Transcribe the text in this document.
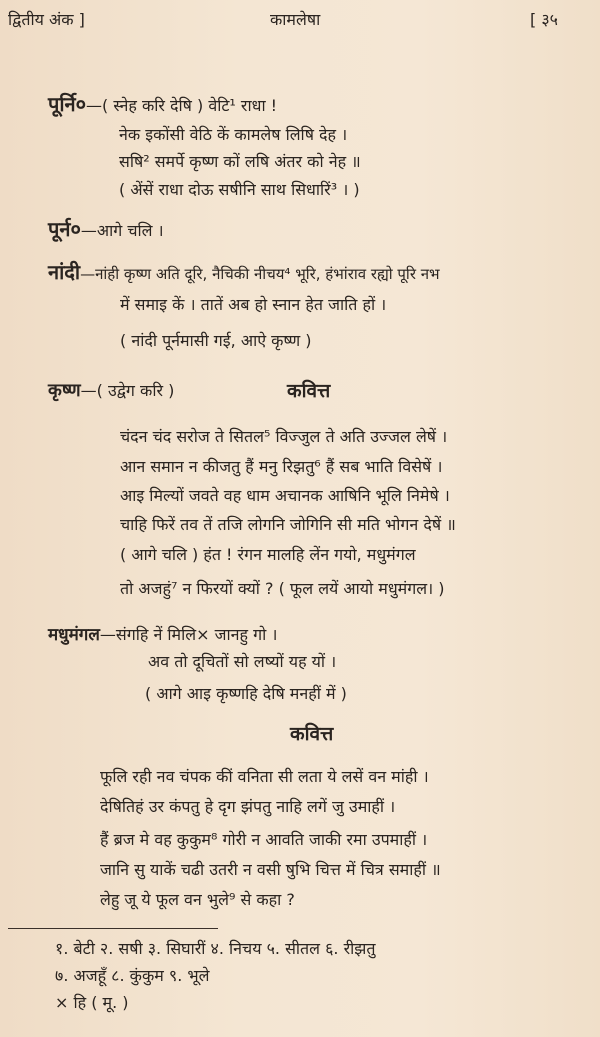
द्वितीय अंक ]	कामलेषा	[ ३५
पूर्नि०—( स्नेह करि देषि ) वेटि¹ राधा !
नेक इकोंसी वेठि कें कामलेष लिषि देह ।
सषि² समर्पे कृष्ण कों लषि अंतर को नेह ॥
( अेंसें राधा दोऊ सषीनि साथ सिधारिं³ । )
पूर्न०—आगे चलि ।
नांदी—नांही कृष्ण अति दूरि, नैचिकी नीचय⁴ भूरि, हंभांराव रह्यो पूरि नभ
में समाइ कें । तातें अब हो स्नान हेत जाति हों ।
( नांदी पूर्नमासी गई, आऐ कृष्ण )
कृष्ण—( उद्वेग करि )	कवित्त
चंदन चंद सरोज ते सितल⁵ विज्जुल ते अति उज्जल लेषें ।
आन समान न कीजतु हैं मनु रिझतु⁶ हैं सब भाति विसेषें ।
आइ मिल्यों जवते वह धाम अचानक आषिनि भूलि निमेषे ।
चाहि फिरें तव तें तजि लोगनि जोगिनि सी मति भोगन देषें ॥
( आगे चलि ) हंत ! रंगन मालहि लेंन गयो, मधुमंगल
तो अजहुं⁷ न फिरयों क्यों ? ( फूल लयें आयो मधुमंगल। )
मधुमंगल—संगहि नें मिलि× जानहु गो ।
अव तो दूचितों सो लष्यों यह यों ।
( आगे आइ कृष्णहि देषि मनहीं में )
कवित्त
फूलि रही नव चंपक कीं वनिता सी लता ये लसें वन मांही ।
देषितिहं उर कंपतु हे दृग झंपतु नाहि लगें जु उमाहीं ।
हैं ब्रज मे वह कुकुम⁸ गोरी न आवति जाकी रमा उपमाहीं ।
जानि सु याकें चढी उतरी न वसी षुभि चित्त में चित्र समाहीं ॥
लेहु जू ये फूल वन भुले⁹ से कहा ?
१. बेटी २. सषी ३. सिघारीं ४. निचय ५. सीतल ६. रीझतु
७. अजहूँ ८. कुंकुम ९. भूले
× हि ( मू. )
